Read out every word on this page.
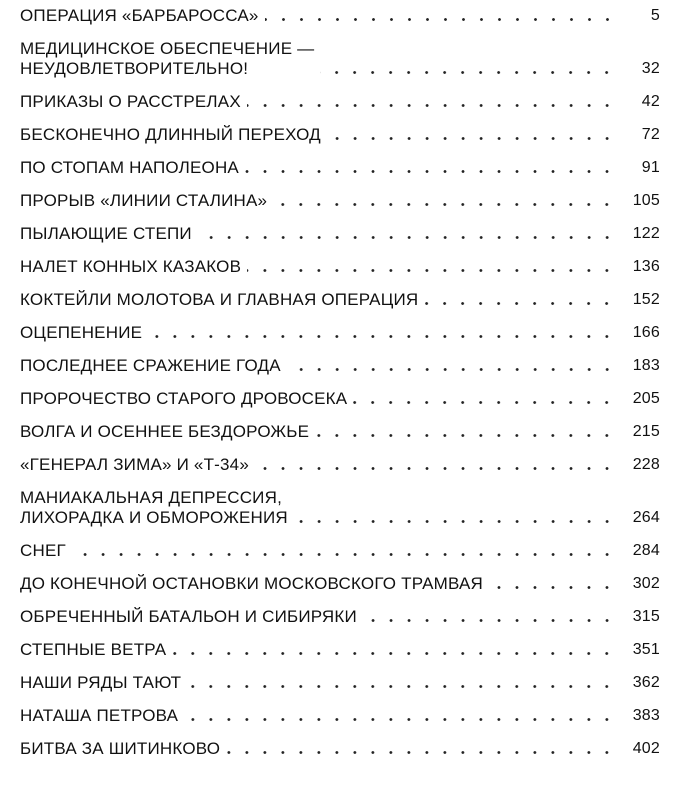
ОПЕРАЦИЯ «БАРБАРОССА»	5
МЕДИЦИНСКОЕ ОБЕСПЕЧЕНИЕ —
НЕУДОВЛЕТВОРИТЕЛЬНО!	32
ПРИКАЗЫ О РАССТРЕЛАХ	42
БЕСКОНЕЧНО ДЛИННЫЙ ПЕРЕХОД	72
ПО СТОПАМ НАПОЛЕОНА	91
ПРОРЫВ «ЛИНИИ СТАЛИНА»	105
ПЫЛАЮЩИЕ СТЕПИ	122
НАЛЕТ КОННЫХ КАЗАКОВ	136
КОКТЕЙЛИ МОЛОТОВА И ГЛАВНАЯ ОПЕРАЦИЯ	152
ОЦЕПЕНЕНИЕ	166
ПОСЛЕДНЕЕ СРАЖЕНИЕ ГОДА	183
ПРОРОЧЕСТВО СТАРОГО ДРОВОСЕКА	205
ВОЛГА И ОСЕННЕЕ БЕЗДОРОЖЬЕ	215
«ГЕНЕРАЛ ЗИМА» И «Т-34»	228
МАНИАКАЛЬНАЯ ДЕПРЕССИЯ,
ЛИХОРАДКА И ОБМОРОЖЕНИЯ	264
СНЕГ	284
ДО КОНЕЧНОЙ ОСТАНОВКИ МОСКОВСКОГО ТРАМВАЯ	302
ОБРЕЧЕННЫЙ БАТАЛЬОН И СИБИРЯКИ	315
СТЕПНЫЕ ВЕТРА	351
НАШИ РЯДЫ ТАЮТ	362
НАТАША ПЕТРОВА	383
БИТВА ЗА ШИТИНКОВО	402
